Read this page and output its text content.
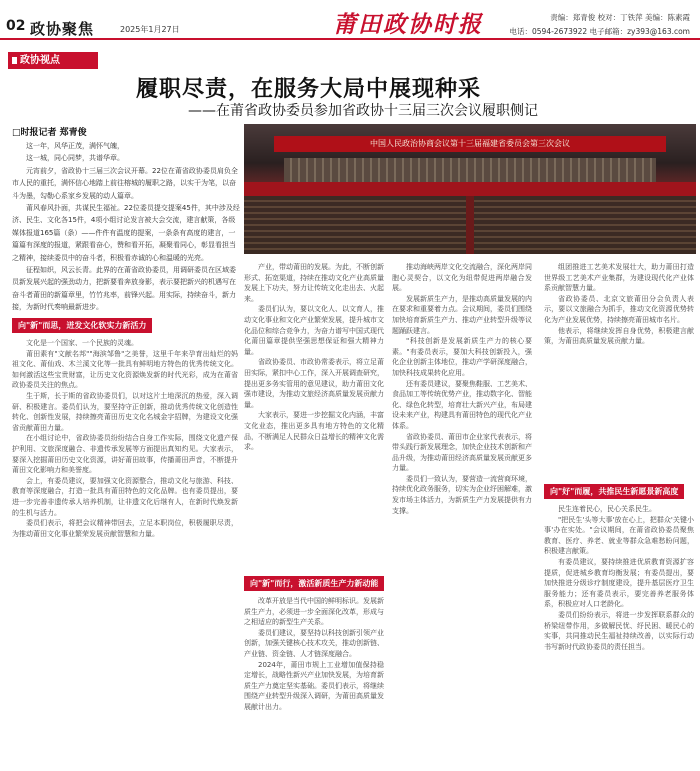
02 政协聚焦	2025年1月27日	莆田政协时报	责编：郑青俊 校对：丁铁萍 美编：陈素霞
电话：0594-2673922 电子邮箱：zy393@163.com
政协视点
履职尽责，在服务大局中展现种采
——在莆省政协委员参加省政协十三届三次会议履职侧记
□时报记者 郑青俊

这一年，风华正茂，满怀气魄，

这一城，同心同梦，共谱华章。

元宵前夕，省政协十三届三次会议开幕。22位在莆省政协委员肩负全市人民的重托，满怀信心地踏上前往榕城的履职之路，以实干为笔，以奋斗为墨，勾勒心系家乡发展的动人篇章。

莆风春风扑面，共谋民生福祉。22位委员提交提案45件，其中涉及经济、民生、文化各15件，4项小组讨论发言被大会交流，建言献策，各级媒体报道165篇（条）——件件有温度的提案，一条条有高度的建言，一篇篇有深度的报道，紧跟看奋心，赞和看开拓，凝聚看同心，彰显看担当之精神，接续委员中的奋斗者，积极看赤诚的心和温暖的光亮。

征程如织，风云长青。此界的在莆省政协委员，用调研委员在区域委员新发展兴起的强劲动力，把新要看奔放身影，表示要把新兴的机遇写在奋斗者莆田的新篇章里，竹竹兆率，前锋兴起。用实际，持续奋斗，新力接，为新时代奏响最新进步。

中国人民政治协商会议第十三届福建省委员会第三次会议
向"新"而思，迸发文化软实力新活力
向"新"而行，激活新质生产力新动能
向"好"而履，共推民生新愿景新高度

文化是一个国家、一个民族的灵魂。

莆田素有"文献名邦""海滨邹鲁"之美誉，这里千年来孕育出灿烂的妈祖文化、莆仙戏、木兰溪文化等一批具有鲜明地方特色的优秀传统文化。如何激活这些宝贵财富，让历史文化资源焕发新的时代光彩，成为在莆省政协委员关注的焦点。

生于斯，长于斯的省政协委员们，以对这片土地深沉的热爱，深入调研、积极建言。委员们认为，要坚持守正创新，推动优秀传统文化创造性转化、创新性发展，持续擦亮莆田历史文化名城金字招牌，为建设文化强省贡献莆田力量。

在小组讨论中，省政协委员纷纷结合自身工作实际，围绕文化遗产保护利用、文旅深度融合、非遗传承发展等方面提出真知灼见。大家表示，要深入挖掘莆田历史文化资源，讲好莆田故事，传播莆田声音，不断提升莆田文化影响力和美誉度。

会上，有委员建议，要加强文化资源整合，推动文化与旅游、科技、教育等深度融合，打造一批具有莆田特色的文化品牌。也有委员提出，要进一步完善非遗传承人培养机制，让非遗文化后继有人，在新时代焕发新的生机与活力。

委员们表示，将把会议精神带回去，立足本职岗位，积极履职尽责，为推动莆田文化事业繁荣发展贡献智慧和力量。

产业，带动莆田的发展。为此，不断创新形式、拓宽渠道，持续在推动文化产业高质量发展上下功夫，努力让传统文化走出去、火起来。

委员们认为，要以文化人、以文育人，推动文化事业和文化产业繁荣发展，提升城市文化品位和综合竞争力，为奋力谱写中国式现代化莆田篇章提供坚强思想保证和强大精神力量。

省政协委员、市政协常委表示，将立足莆田实际，紧扣中心工作，深入开展调查研究，提出更多务实管用的意见建议，助力莆田文化强市建设，为推动文旅经济高质量发展贡献力量。

大家表示，要进一步挖掘文化内涵，丰富文化业态，推出更多具有地方特色的文化精品，不断满足人民群众日益增长的精神文化需求。

推动海峡两岸文化交流融合，深化两岸同胞心灵契合，以文化为纽带促进两岸融合发展。

发展新质生产力，是推动高质量发展的内在要求和重要着力点。会议期间，委员们围绕加快培育新质生产力、推动产业转型升级等议题踊跃建言。

"科技创新是发展新质生产力的核心要素。"有委员表示，要加大科技创新投入，强化企业创新主体地位，推动产学研深度融合，加快科技成果转化应用。

还有委员建议，要聚焦鞋服、工艺美术、食品加工等传统优势产业，推动数字化、智能化、绿色化转型，培育壮大新兴产业，布局建设未来产业，构建具有莆田特色的现代化产业体系。

省政协委员、莆田市企业家代表表示，将带头践行新发展理念，加快企业技术创新和产品升级，为推动莆田经济高质量发展贡献更多力量。

委员们一致认为，要营造一流营商环境，持续优化政务服务，切实为企业纾困解难，激发市场主体活力，为新质生产力发展提供有力支撑。

组团推进工艺美术发展壮大，助力莆田打造世界级工艺美术产业集群，为建设现代化产业体系贡献智慧力量。

省政协委员、北京文旅莆田分会负责人表示，要以文旅融合为抓手，推动文化资源优势转化为产业发展优势，持续擦亮莆田城市名片。

他表示，将继续发挥自身优势，积极建言献策，为莆田高质量发展贡献力量。

改革开放是当代中国的鲜明标识。发展新质生产力，必须进一步全面深化改革，形成与之相适应的新型生产关系。

委员们建议，要坚持以科技创新引领产业创新，加强关键核心技术攻关，推动创新链、产业链、资金链、人才链深度融合。

2024年，莆田市规上工业增加值保持稳定增长，战略性新兴产业加快发展，为培育新质生产力奠定坚实基础。委员们表示，将继续围绕产业转型升级深入调研，为莆田高质量发展献计出力。

民生连着民心，民心关系民生。

"把民生'头等大事'放在心上，把群众'关键小事'办在实处。"会议期间，在莆省政协委员聚焦教育、医疗、养老、就业等群众急难愁盼问题，积极建言献策。

有委员建议，要持续推进优质教育资源扩容提质，促进城乡教育均衡发展；有委员提出，要加快推进分级诊疗制度建设，提升基层医疗卫生服务能力；还有委员表示，要完善养老服务体系，积极应对人口老龄化。

委员们纷纷表示，将进一步发挥联系群众的桥梁纽带作用，多做解民忧、纾民困、暖民心的实事，共同推动民生福祉持续改善，以实际行动书写新时代政协委员的责任担当。
